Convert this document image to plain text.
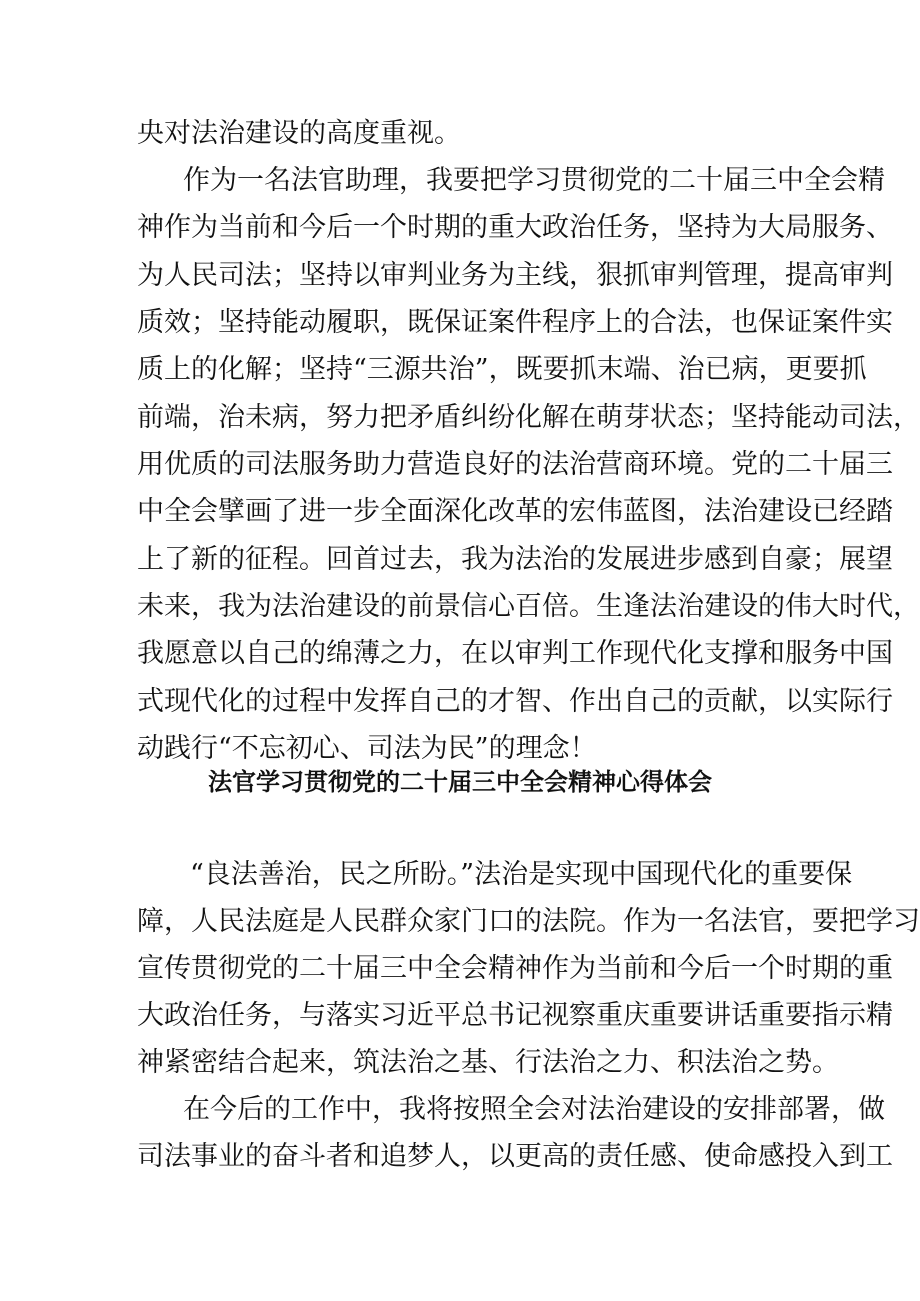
央对法治建设的高度重视。
作为一名法官助理，我要把学习贯彻党的二十届三中全会精
神作为当前和今后一个时期的重大政治任务，坚持为大局服务、
为人民司法；坚持以审判业务为主线，狠抓审判管理，提高审判
质效；坚持能动履职，既保证案件程序上的合法，也保证案件实
质上的化解；坚持“三源共治”，既要抓末端、治已病，更要抓
前端，治未病，努力把矛盾纠纷化解在萌芽状态；坚持能动司法，
用优质的司法服务助力营造良好的法治营商环境。党的二十届三
中全会擘画了进一步全面深化改革的宏伟蓝图，法治建设已经踏
上了新的征程。回首过去，我为法治的发展进步感到自豪；展望
未来，我为法治建设的前景信心百倍。生逢法治建设的伟大时代，
我愿意以自己的绵薄之力，在以审判工作现代化支撑和服务中国
式现代化的过程中发挥自己的才智、作出自己的贡献，以实际行
动践行“不忘初心、司法为民”的理念！
法官学习贯彻党的二十届三中全会精神心得体会
“良法善治，民之所盼。”法治是实现中国现代化的重要保
障，人民法庭是人民群众家门口的法院。作为一名法官，要把学习
宣传贯彻党的二十届三中全会精神作为当前和今后一个时期的重
大政治任务，与落实习近平总书记视察重庆重要讲话重要指示精
神紧密结合起来，筑法治之基、行法治之力、积法治之势。
在今后的工作中，我将按照全会对法治建设的安排部署，做
司法事业的奋斗者和追梦人，以更高的责任感、使命感投入到工
